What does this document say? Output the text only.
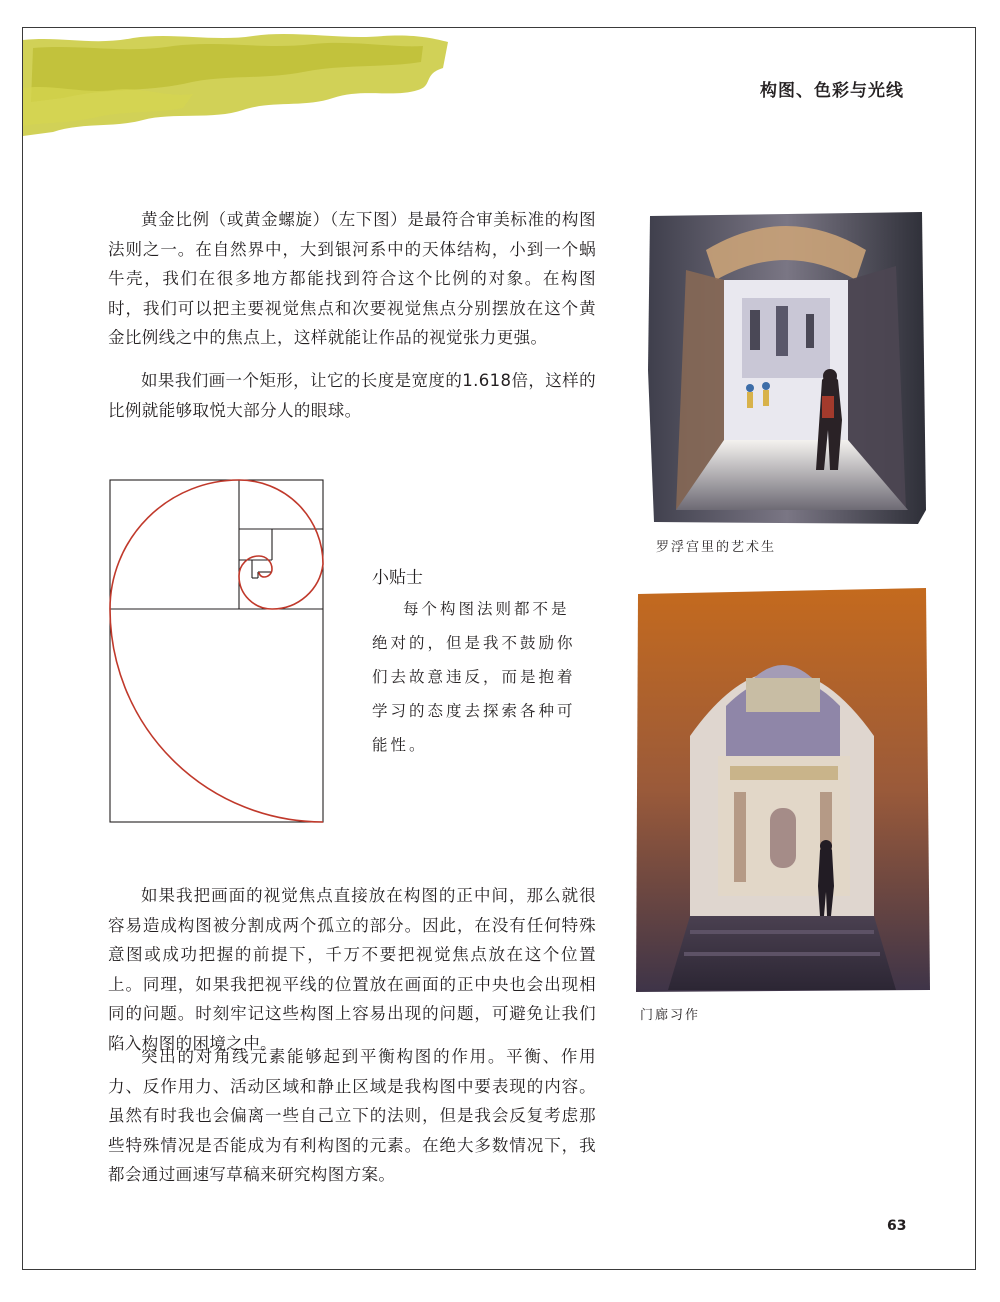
构图、色彩与光线

黄金比例（或黄金螺旋）（左下图）是最符合审美标准的构图法则之一。在自然界中，大到银河系中的天体结构，小到一个蜗牛壳，我们在很多地方都能找到符合这个比例的对象。在构图时，我们可以把主要视觉焦点和次要视觉焦点分别摆放在这个黄金比例线之中的焦点上，这样就能让作品的视觉张力更强。

如果我们画一个矩形，让它的长度是宽度的1.618倍，这样的比例就能够取悦大部分人的眼球。

小贴士

每个构图法则都不是绝对的，但是我不鼓励你们去故意违反，而是抱着学习的态度去探索各种可能性。

如果我把画面的视觉焦点直接放在构图的正中间，那么就很容易造成构图被分割成两个孤立的部分。因此，在没有任何特殊意图或成功把握的前提下，千万不要把视觉焦点放在这个位置上。同理，如果我把视平线的位置放在画面的正中央也会出现相同的问题。时刻牢记这些构图上容易出现的问题，可避免让我们陷入构图的困境之中。

突出的对角线元素能够起到平衡构图的作用。平衡、作用力、反作用力、活动区域和静止区域是我构图中要表现的内容。虽然有时我也会偏离一些自己立下的法则，但是我会反复考虑那些特殊情况是否能成为有利构图的元素。在绝大多数情况下，我都会通过画速写草稿来研究构图方案。

罗浮宫里的艺术生
门廊习作
63
